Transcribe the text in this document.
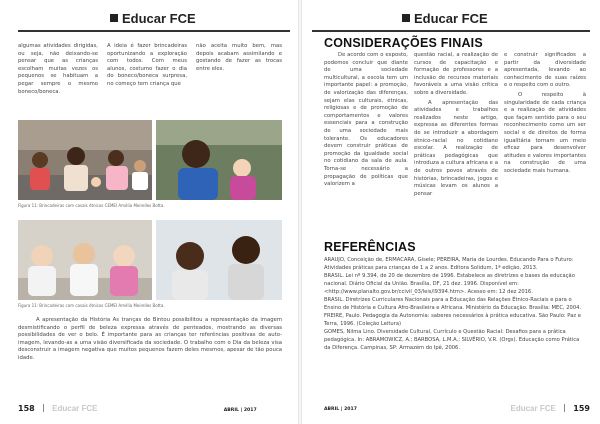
Educar FCE

algumas atividades dirigidas, ou seja, não deixando-se pensar que as crianças escolham muitas vezes os pequenos se habituam a pegar sempre o mesmo boneco/boneca.

A ideia é fazer brincadeiras oportunizando a exploração com todos. Com meus alunos, costumo fazer o dia do boneco/boneca surpresa, no começo tem criança que

não aceita muito bem, mas depois acabam assimilando e gostando de fazer as trocas entre eles.

Figura 11: Brincadeiras com casais étnicos CEMEI Amélia Meirelles Botta.
Figura 11: Brincadeiras com casais étnicos CEMEI Amélia Meirelles Botta.

A apresentação da História As tranças de Bintou possibilitou a representação da imagem desmistificando o perfil de beleza expressa através de penteados, mostrando as diversas possibilidades de ver o belo. É importante para as crianças ter referências positivas de auto-imagem, levando-as a uma visão diversificada da sociedade. O trabalho com o Dia da beleza visa desconstruir a imagem negativa que muitos pequenos fazem deles mesmos, apesar de tão pouca idade.

158 Educar FCE	ABRIL | 2017
Educar FCE
CONSIDERAÇÕES FINAIS

De acordo com o exposto, podemos concluir que diante de uma sociedade multicultural, a escola tem um importante papel: a promoção, de valorização das diferenças, sejam elas culturais, étnicas, religiosas e de promoção de comportamentos e valores essenciais para a construção de uma sociedade mais tolerante. Os educadores devem construir práticas de promoção da igualdade social no cotidiano da sala de aula. Torna-se necessário a propagação de políticas que valorizem a

questão racial, a realização de cursos de capacitação e formação de professores e a inclusão de recursos materiais favoráveis a uma visão crítica sobre a diversidade.

A apresentação das atividades e trabalhos realizados neste artigo, expressa as diferentes formas de se introduzir a abordagem étnico-racial no cotidiano escolar. A realização de práticas pedagógicas que introduza a cultura africana e a de outros povos através de histórias, brincadeiras, jogos e músicas levam os alunos a pensar

e construir significados a partir da diversidade apresentada, levando ao conhecimento de suas raízes e o respeito com o outro.

O respeito à singularidade de cada criança e a realização de atividades que façam sentido para o seu reconhecimento como um ser social e de direitos de forma igualitária tornam um meio eficaz para desenvolver atitudes e valores importantes na construção de uma sociedade mais humana.

REFERÊNCIAS

ARAUJO, Conceição de, ERMACARA, Gisele; PEREIRA, Maria de Lourdes. Educando Para o Futuro: Atividades práticas para crianças de 1 a 2 anos. Editora Solidum, 1ª edição, 2013.

BRASIL. Lei nº 9.394, de 20 de dezembro de 1996. Estabelece as diretrizes e bases da educação nacional. Diário Oficial da União. Brasília, DF, 21 dez. 1996. Disponível em: <http://www.planalto.gov.br/ccivil_03/leis/l9394.htm>. Acesso em: 12 dez 2016.

BRASIL. Diretrizes Curriculares Nacionais para a Educação das Relações Étnico-Raciais e para o Ensino de História e Cultura Afro-Brasileira e Africana. Ministério da Educação. Brasília: MEC, 2004.

FREIRE, Paulo. Pedagogia da Autonomia: saberes necessários à prática educativa. São Paulo: Paz e Terra, 1996. (Coleção Leitura)

GOMES, Nilma Lino. Diversidade Cultural, Currículo e Questão Racial: Desafios para a prática pedagógica. In: ABRAMOWICZ, A.; BARBOSA, L.M.A.; SILVÉRIO, V.R. (Orgs). Educação como Prática da Diferença. Campinas, SP: Armazém do Ipê, 2006.

ABRIL | 2017	Educar FCE 159
